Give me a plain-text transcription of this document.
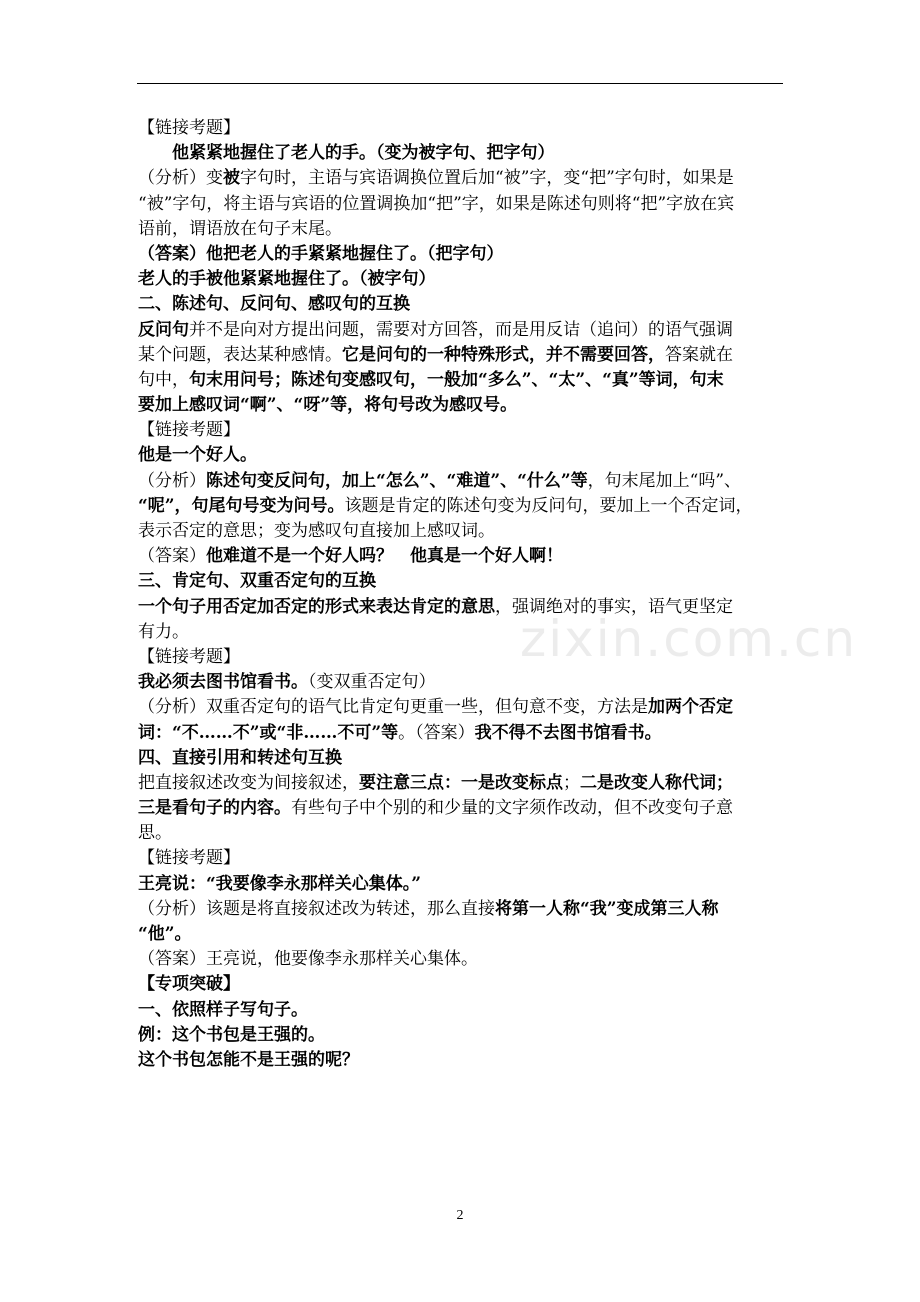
【链接考题】
他紧紧地握住了老人的手。（变为被字句、把字句）
（分析）变被字句时，主语与宾语调换位置后加“被”字，变“把”字句时，如果是
“被”字句，将主语与宾语的位置调换加“把”字，如果是陈述句则将“把”字放在宾
语前，谓语放在句子末尾。
（答案）他把老人的手紧紧地握住了。（把字句）
老人的手被他紧紧地握住了。（被字句）
二、陈述句、反问句、感叹句的互换
反问句并不是向对方提出问题，需要对方回答，而是用反诘（追问）的语气强调
某个问题，表达某种感情。它是问句的一种特殊形式，并不需要回答，答案就在
句中，句末用问号；陈述句变感叹句，一般加“多么”、“太”、“真”等词，句末
要加上感叹词“啊”、“呀”等，将句号改为感叹号。
【链接考题】
他是一个好人。
（分析）陈述句变反问句，加上“怎么”、“难道”、“什么”等，句末尾加上“吗”、
“呢”，句尾句号变为问号。该题是肯定的陈述句变为反问句，要加上一个否定词，
表示否定的意思；变为感叹句直接加上感叹词。
（答案）他难道不是一个好人吗？　他真是一个好人啊！
三、肯定句、双重否定句的互换
一个句子用否定加否定的形式来表达肯定的意思，强调绝对的事实，语气更坚定
有力。
【链接考题】
我必须去图书馆看书。（变双重否定句）
（分析）双重否定句的语气比肯定句更重一些，但句意不变，方法是加两个否定
词：“不……不”或“非……不可”等。（答案）我不得不去图书馆看书。
四、直接引用和转述句互换
把直接叙述改变为间接叙述，要注意三点：一是改变标点；二是改变人称代词；
三是看句子的内容。有些句子中个别的和少量的文字须作改动，但不改变句子意
思。
【链接考题】
王亮说：“我要像李永那样关心集体。”
（分析）该题是将直接叙述改为转述，那么直接将第一人称“我”变成第三人称
“他”。
（答案）王亮说，他要像李永那样关心集体。
【专项突破】
一、依照样子写句子。
例：这个书包是王强的。
这个书包怎能不是王强的呢？
zixin.com.cn
2
